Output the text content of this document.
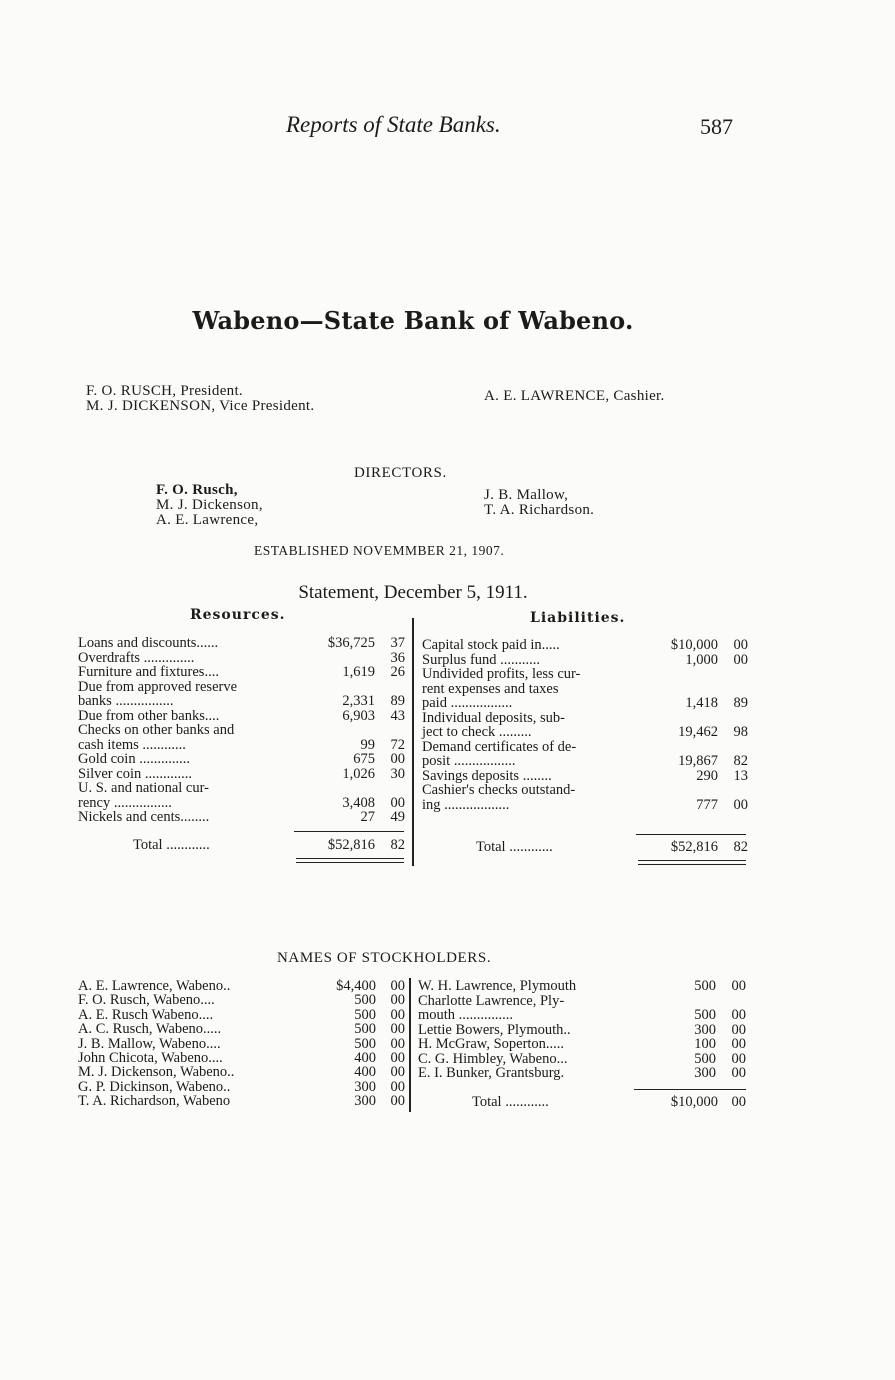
Reports of State Banks.	587
Wabeno—State Bank of Wabeno.
F. O. RUSCH, President.
M. J. DICKENSON, Vice President.
A. E. LAWRENCE, Cashier.
DIRECTORS.
F. O. Rusch,
M. J. Dickenson,
A. E. Lawrence,
J. B. Mallow,
T. A. Richardson.
ESTABLISHED NOVEMMBER 21, 1907.
Statement, December 5, 1911.
Resources.	Liabilities.
Loans and discounts......	$36,725	37
Overdrafts ..............	36
Furniture and fixtures....	1,619	26
Due from approved reserve
banks ................	2,331	89
Due from other banks....	6,903	43
Checks on other banks and
cash items ............	99	72
Gold coin ..............	675	00
Silver coin .............	1,026	30
U. S. and national cur-
rency ................	3,408	00
Nickels and cents........	27	49
Capital stock paid in.....	$10,000	00
Surplus fund ...........	1,000	00
Undivided profits, less cur-
rent expenses and taxes
paid .................	1,418	89
Individual deposits, sub-
ject to check .........	19,462	98
Demand certificates of de-
posit .................	19,867	82
Savings deposits ........	290	13
Cashier's checks outstand-
ing ..................	777	00
Total ............	$52,816	82	Total ............	$52,816	82
NAMES OF STOCKHOLDERS.
A. E. Lawrence, Wabeno..	$4,400	00
F. O. Rusch, Wabeno....	500	00
A. E. Rusch Wabeno....	500	00
A. C. Rusch, Wabeno.....	500	00
J. B. Mallow, Wabeno....	500	00
John Chicota, Wabeno....	400	00
M. J. Dickenson, Wabeno..	400	00
G. P. Dickinson, Wabeno..	300	00
T. A. Richardson, Wabeno	300	00
W. H. Lawrence, Plymouth	500	00
Charlotte Lawrence, Ply-
mouth ...............	500	00
Lettie Bowers, Plymouth..	300	00
H. McGraw, Soperton.....	100	00
C. G. Himbley, Wabeno...	500	00
E. I. Bunker, Grantsburg.	300	00
Total ............	$10,000 00
